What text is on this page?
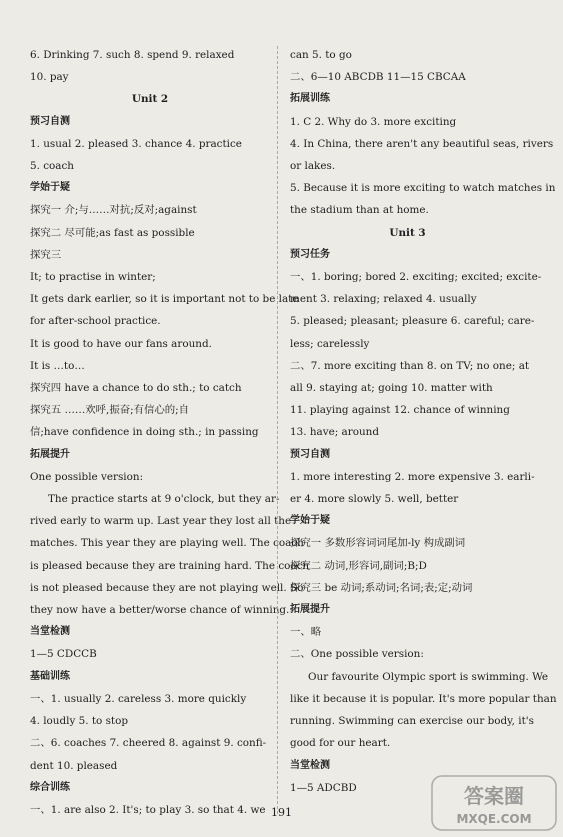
6. Drinking 7. such 8. spend 9. relaxed
10. pay
Unit 2
预习自测
1. usual 2. pleased 3. chance 4. practice
5. coach
学始于疑
探究一 介;与……对抗;反对;against
探究二 尽可能;as fast as possible
探究三
It; to practise in winter;
It gets dark earlier, so it is important not to be late
for after-school practice.
It is good to have our fans around.
It is …to…
探究四 have a chance to do sth.; to catch
探究五 ……欢呼,振奋;有信心的;自
信;have confidence in doing sth.; in passing
拓展提升
One possible version:
The practice starts at 9 o'clock, but they ar-
rived early to warm up. Last year they lost all the
matches. This year they are playing well. The coach
is pleased because they are training hard. The coach
is not pleased because they are not playing well. So
they now have a better/worse chance of winning.
当堂检测
1—5 CDCCB
基础训练
一、1. usually 2. careless 3. more quickly
4. loudly 5. to stop
二、6. coaches 7. cheered 8. against 9. confi-
dent 10. pleased
综合训练
一、1. are also 2. It's; to play 3. so that 4. we
can 5. to go
二、6—10 ABCDB 11—15 CBCAA
拓展训练
1. C 2. Why do 3. more exciting
4. In China, there aren't any beautiful seas, rivers
or lakes.
5. Because it is more exciting to watch matches in
the stadium than at home.
Unit 3
预习任务
一、1. boring; bored 2. exciting; excited; excite-
ment 3. relaxing; relaxed 4. usually
5. pleased; pleasant; pleasure 6. careful; care-
less; carelessly
二、7. more exciting than 8. on TV; no one; at
all 9. staying at; going 10. matter with
11. playing against 12. chance of winning
13. have; around
预习自测
1. more interesting 2. more expensive 3. earli-
er 4. more slowly 5. well, better
学始于疑
探究一 多数形容词词尾加-ly 构成副词
探究二 动词,形容词,副词;B;D
探究三 be 动词;系动词;名词;表;定;动词
拓展提升
一、略
二、One possible version:
Our favourite Olympic sport is swimming. We
like it because it is popular. It's more popular than
running. Swimming can exercise our body, it's
good for our heart.
当堂检测
1—5 ADCBD
191
答案圈
MXQE.COM
